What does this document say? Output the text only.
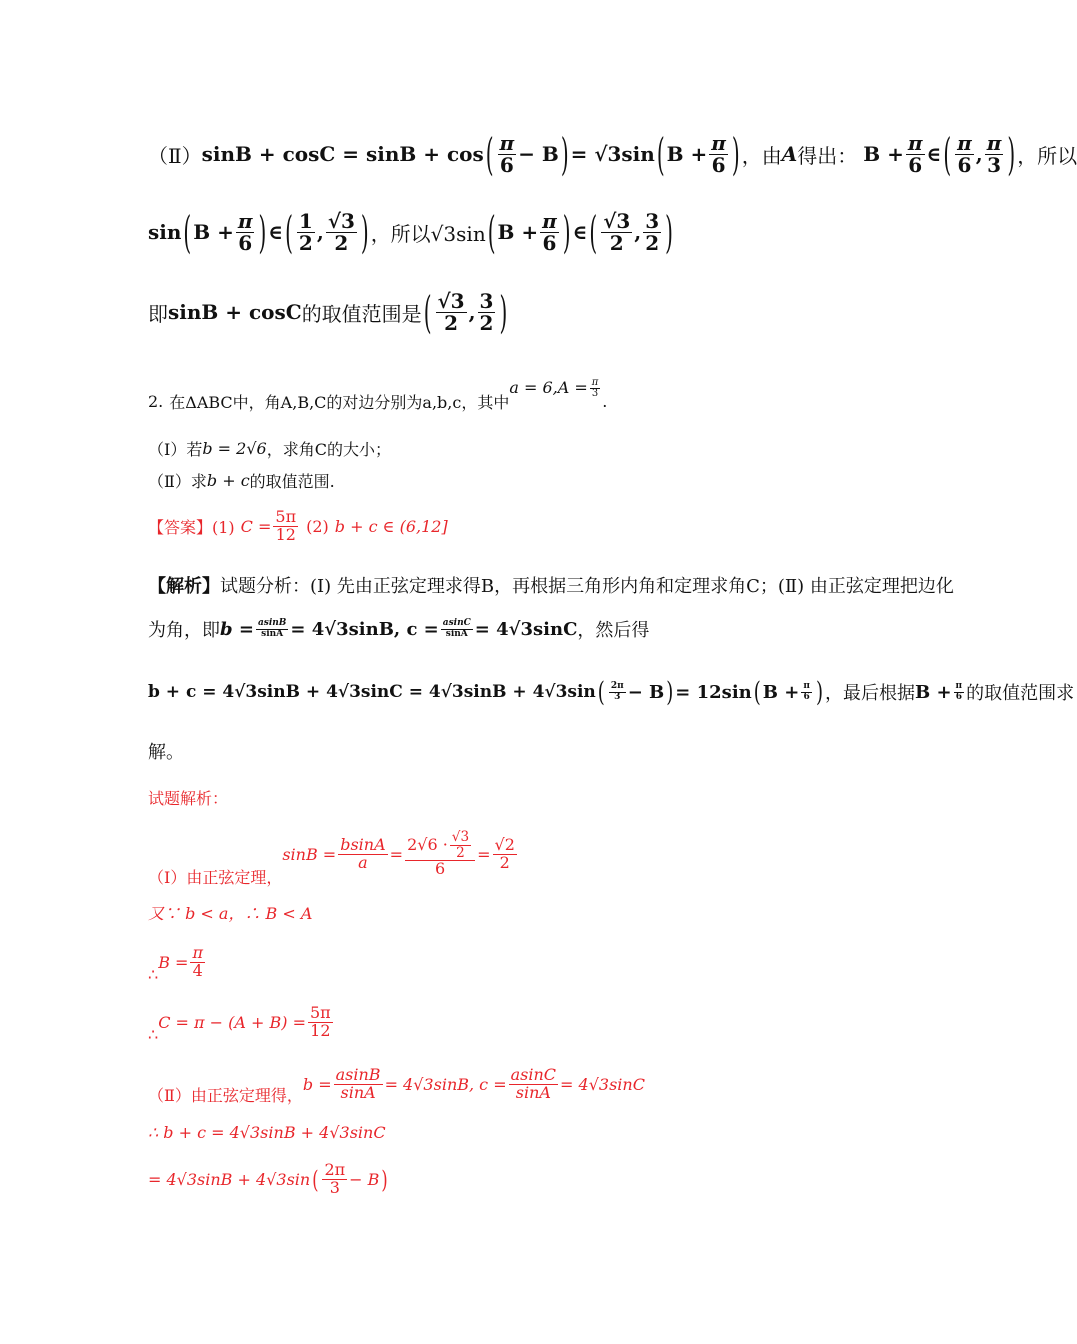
（Ⅱ） sinB + cosC = sinB + cos ( $\frac{\pi}{6} - B$ ) = √3sin ( $B + \frac{\pi}{6}$ ) ，由 A 得出： $B + \frac{\pi}{6}$ ∈ ( $\frac{\pi}{6}$ , $\frac{\pi}{3}$ ) ，所以
sin ( $B + \frac{\pi}{6}$ ) ∈ ( $\frac{1}{2}$ , $\frac{√3}{2}$ ) ，所以√3sin ( $B + \frac{\pi}{6}$ ) ∈ ( $\frac{√3}{2}$ , $\frac{3}{2}$ )
即 sinB + cosC 的取值范围是 ( $\frac{√3}{2}$ , $\frac{3}{2}$ )
2. 在ΔABC中，角A,B,C的对边分别为a,b,c，其中
$a = 6,A = \frac{\pi}{3}$
.
（Ⅰ）若 b = 2√6 ，求角C的大小；
（Ⅱ）求 b + c 的取值范围.
【答案】(1) $C = \frac{5\pi}{12} (2) b + c$ ∈ (6,12]
【解析】 试题分析：(Ⅰ) 先由正弦定理求得B，再根据三角形内角和定理求角C；(Ⅱ) 由正弦定理把边化
为角，即 $b = \frac{asinB}{\sin A} = 4√3\sin B$, $c = \frac{asinC}{\sin A} = 4√3\sin C$ ，然后得
b + c = 4√3sinB + 4√3sinC = 4√3sinB + 4√3sin ( $\frac{2\pi}{3} - B$ ) = 12sin ( $B + \frac{\pi}{6}$ ) ，最后根据 $B + \frac{\pi}{6}$ 的取值范围求
解。
试题解析：
（Ⅰ）由正弦定理，
$\sin B = \frac{bsinA}{a} = \frac{2√6 \cdot \frac{√3}{2}}{6} = \frac{√2}{2}$
又∵ b < a，∴ B < A
∴
$B = \frac{\pi}{4}$
∴
$C = \pi - (A + B) = \frac{5\pi}{12}$
（Ⅱ）由正弦定理得，
$b = \frac{asinB}{\sin A} = 4√3\sin B$, $c = \frac{asinC}{\sin A} = 4√3\sin C$
∴ b + c = 4√3sinB + 4√3sinC
= 4√3sinB + 4√3sin ( $\frac{2\pi}{3} - B$ )
